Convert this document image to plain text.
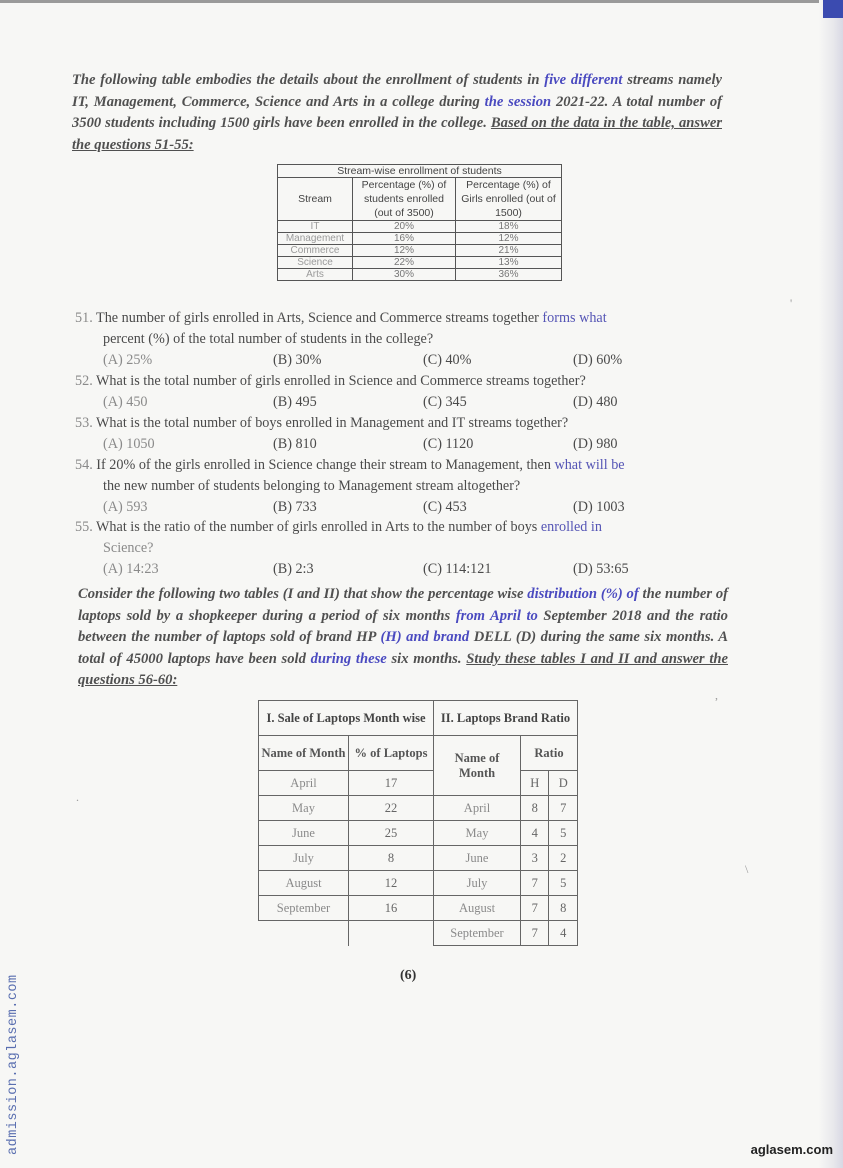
The following table embodies the details about the enrollment of students in five different streams namely IT, Management, Commerce, Science and Arts in a college during the session 2021-22. A total number of 3500 students including 1500 girls have been enrolled in the college. Based on the data in the table, answer the questions 51-55:
Stream-wise enrollment of students		
Stream	Percentage (%) of students enrolled (out of 3500)	Percentage (%) of Girls enrolled (out of 1500)
IT	20%	18%
Management	16%	12%
Commerce	12%	21%
Science	22%	13%
Arts	30%	36%
51. The number of girls enrolled in Arts, Science and Commerce streams together forms what
percent (%) of the total number of students in the college?
(A) 25%	(B) 30%	(C) 40%	(D) 60%
52. What is the total number of girls enrolled in Science and Commerce streams together?
(A) 450	(B) 495	(C) 345	(D) 480
53. What is the total number of boys enrolled in Management and IT streams together?
(A) 1050	(B) 810	(C) 1120	(D) 980
54. If 20% of the girls enrolled in Science change their stream to Management, then what will be
the new number of students belonging to Management stream altogether?
(A) 593	(B) 733	(C) 453	(D) 1003
55. What is the ratio of the number of girls enrolled in Arts to the number of boys enrolled in
Science?
(A) 14:23	(B) 2:3	(C) 114:121	(D) 53:65
Consider the following two tables (I and II) that show the percentage wise distribution (%) of the number of laptops sold by a shopkeeper during a period of six months from April to September 2018 and the ratio between the number of laptops sold of brand HP (H) and brand DELL (D) during the same six months. A total of 45000 laptops have been sold during these six months. Study these tables I and II and answer the questions 56-60:
I. Sale of Laptops Month wise		II. Laptops Brand Ratio		
Name of Month	% of Laptops	Name of Month	Ratio	
April	17		H	D
May	22	April	8	7
June	25	May	4	5
July	8	June	3	2
August	12	July	7	5
September	16	August	7	8
		September	7	4
'
,
\
.
(6)
admission.aglasem.com	aglasem.com
